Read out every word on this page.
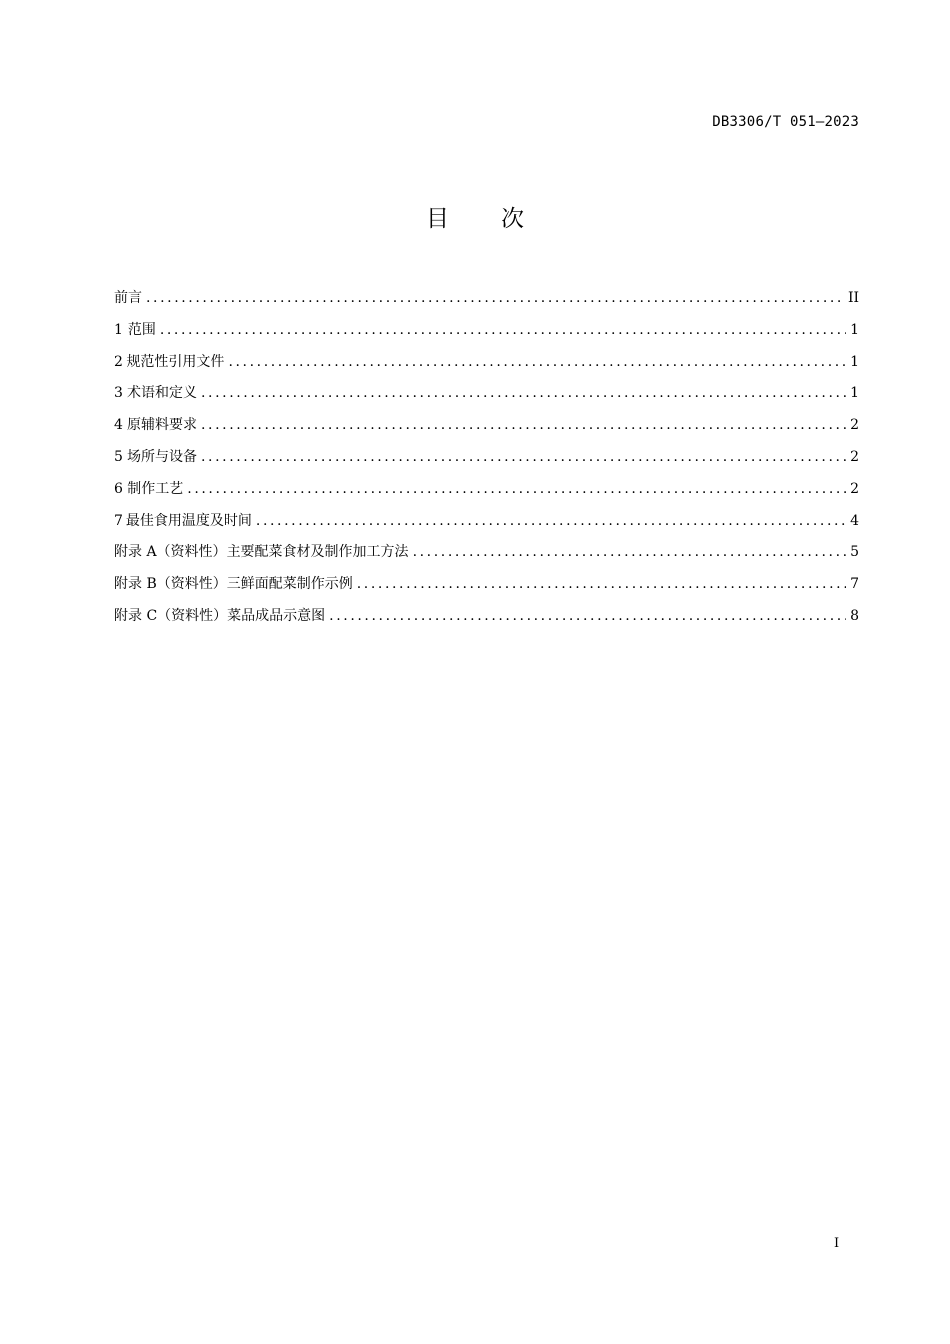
DB3306/T 051—2023
目 次
前言 .....	II
1 范围 .....	1
2 规范性引用文件 .....	1
3 术语和定义 .....	1
4 原辅料要求 .....	2
5 场所与设备 .....	2
6 制作工艺 .....	2
7 最佳食用温度及时间 .....	4
附录 A（资料性） 主要配菜食材及制作加工方法 .....	5
附录 B（资料性） 三鲜面配菜制作示例 .....	7
附录 C（资料性） 菜品成品示意图 .....	8
I
